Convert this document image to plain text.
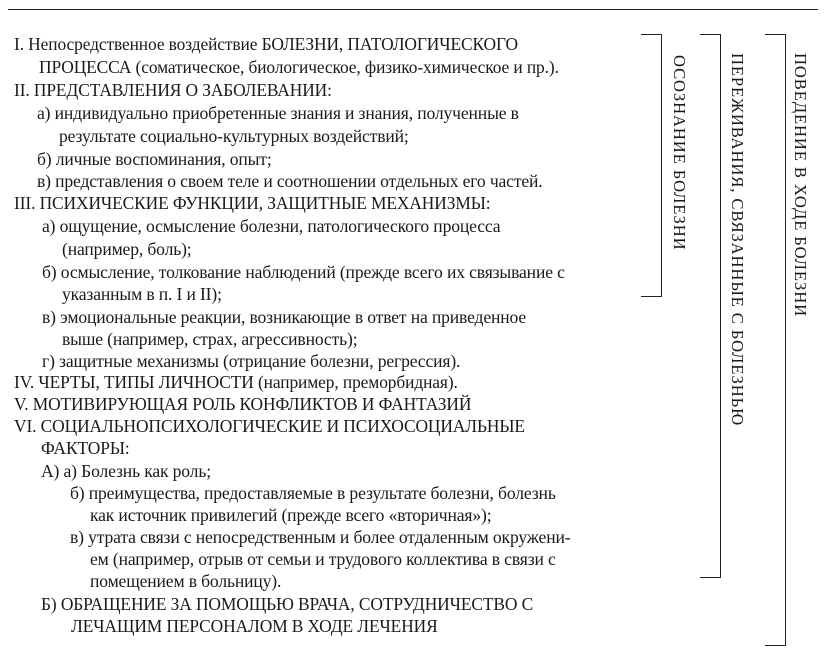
I. Непосредственное воздействие БОЛЕЗНИ, ПАТОЛОГИЧЕСКОГО
ПРОЦЕССА (соматическое, биологическое, физико-химическое и пр.).
II. ПРЕДСТАВЛЕНИЯ О ЗАБОЛЕВАНИИ:
а) индивидуально приобретенные знания и знания, полученные в
результате социально-культурных воздействий;
б) личные воспоминания, опыт;
в) представления о своем теле и соотношении отдельных его частей.
III. ПСИХИЧЕСКИЕ ФУНКЦИИ, ЗАЩИТНЫЕ МЕХАНИЗМЫ:
а) ощущение, осмысление болезни, патологического процесса
(например, боль);
б) осмысление, толкование наблюдений (прежде всего их связывание с
указанным в п. I и II);
в) эмоциональные реакции, возникающие в ответ на приведенное
выше (например, страх, агрессивность);
г) защитные механизмы (отрицание болезни, регрессия).
IV. ЧЕРТЫ, ТИПЫ ЛИЧНОСТИ (например, преморбидная).
V. МОТИВИРУЮЩАЯ РОЛЬ КОНФЛИКТОВ И ФАНТАЗИЙ
VI. СОЦИАЛЬНОПСИХОЛОГИЧЕСКИЕ И ПСИХОСОЦИАЛЬНЫЕ
ФАКТОРЫ:
А) а) Болезнь как роль;
б) преимущества, предоставляемые в результате болезни, болезнь
как источник привилегий (прежде всего «вторичная»);
в) утрата связи с непосредственным и более отдаленным окружени-
ем (например, отрыв от семьи и трудового коллектива в связи с
помещением в больницу).
Б) ОБРАЩЕНИЕ ЗА ПОМОЩЬЮ ВРАЧА, СОТРУДНИЧЕСТВО С
ЛЕЧАЩИМ ПЕРСОНАЛОМ В ХОДЕ ЛЕЧЕНИЯ
ОСОЗНАНИЕ БОЛЕЗНИ ПЕРЕЖИВАНИЯ, СВЯЗАННЫЕ С БОЛЕЗНЬЮ	ПОВЕДЕНИЕ В ХОДЕ БОЛЕЗНИ
